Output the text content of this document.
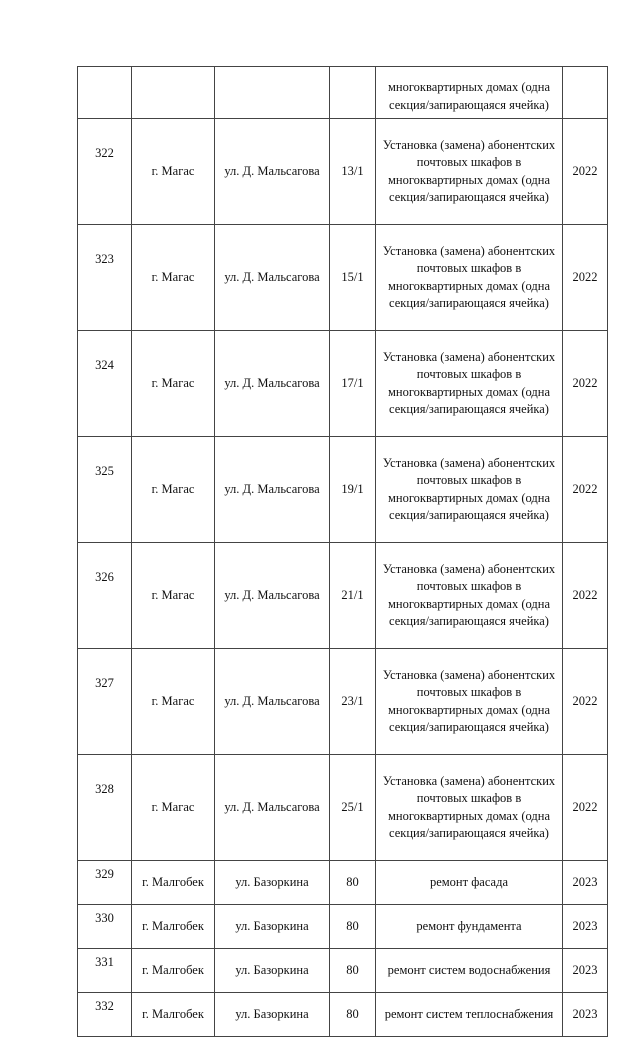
				многоквартирных домах (одна секция/запирающаяся ячейка)	
322	г. Магас	ул. Д. Мальсагова	13/1	Установка (замена) абонентских почтовых шкафов в многоквартирных домах (одна секция/запирающаяся ячейка)	2022
323	г. Магас	ул. Д. Мальсагова	15/1	Установка (замена) абонентских почтовых шкафов в многоквартирных домах (одна секция/запирающаяся ячейка)	2022
324	г. Магас	ул. Д. Мальсагова	17/1	Установка (замена) абонентских почтовых шкафов в многоквартирных домах (одна секция/запирающаяся ячейка)	2022
325	г. Магас	ул. Д. Мальсагова	19/1	Установка (замена) абонентских почтовых шкафов в многоквартирных домах (одна секция/запирающаяся ячейка)	2022
326	г. Магас	ул. Д. Мальсагова	21/1	Установка (замена) абонентских почтовых шкафов в многоквартирных домах (одна секция/запирающаяся ячейка)	2022
327	г. Магас	ул. Д. Мальсагова	23/1	Установка (замена) абонентских почтовых шкафов в многоквартирных домах (одна секция/запирающаяся ячейка)	2022
328	г. Магас	ул. Д. Мальсагова	25/1	Установка (замена) абонентских почтовых шкафов в многоквартирных домах (одна секция/запирающаяся ячейка)	2022
329	г. Малгобек	ул. Базоркина	80	ремонт фасада	2023
330	г. Малгобек	ул. Базоркина	80	ремонт фундамента	2023
331	г. Малгобек	ул. Базоркина	80	ремонт систем водоснабжения	2023
332	г. Малгобек	ул. Базоркина	80	ремонт систем теплоснабжения	2023
